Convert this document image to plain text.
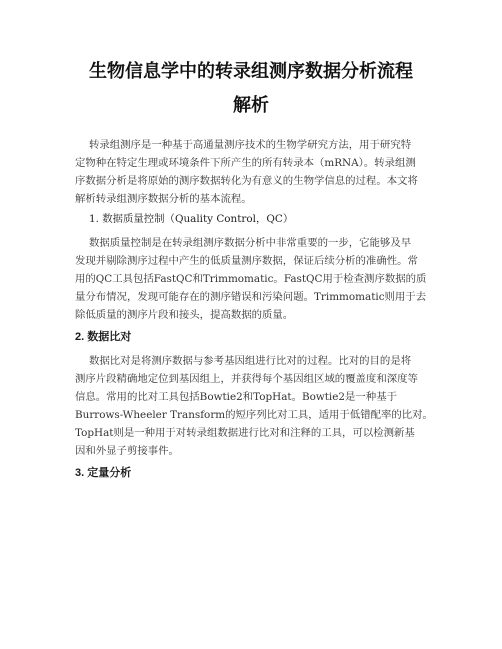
生物信息学中的转录组测序数据分析流程
解析
转录组测序是一种基于高通量测序技术的生物学研究方法，用于研究特
定物种在特定生理或环境条件下所产生的所有转录本（mRNA）。转录组测
序数据分析是将原始的测序数据转化为有意义的生物学信息的过程。本文将
解析转录组测序数据分析的基本流程。
1. 数据质量控制（Quality Control，QC）
数据质量控制是在转录组测序数据分析中非常重要的一步，它能够及早
发现并剔除测序过程中产生的低质量测序数据，保证后续分析的准确性。常
用的QC工具包括FastQC和Trimmomatic。FastQC用于检查测序数据的质
量分布情况，发现可能存在的测序错误和污染问题。Trimmomatic则用于去
除低质量的测序片段和接头，提高数据的质量。
2. 数据比对
数据比对是将测序数据与参考基因组进行比对的过程。比对的目的是将
测序片段精确地定位到基因组上，并获得每个基因组区域的覆盖度和深度等
信息。常用的比对工具包括Bowtie2和TopHat。Bowtie2是一种基于
Burrows-Wheeler Transform的短序列比对工具，适用于低错配率的比对。
TopHat则是一种用于对转录组数据进行比对和注释的工具，可以检测新基
因和外显子剪接事件。
3. 定量分析
